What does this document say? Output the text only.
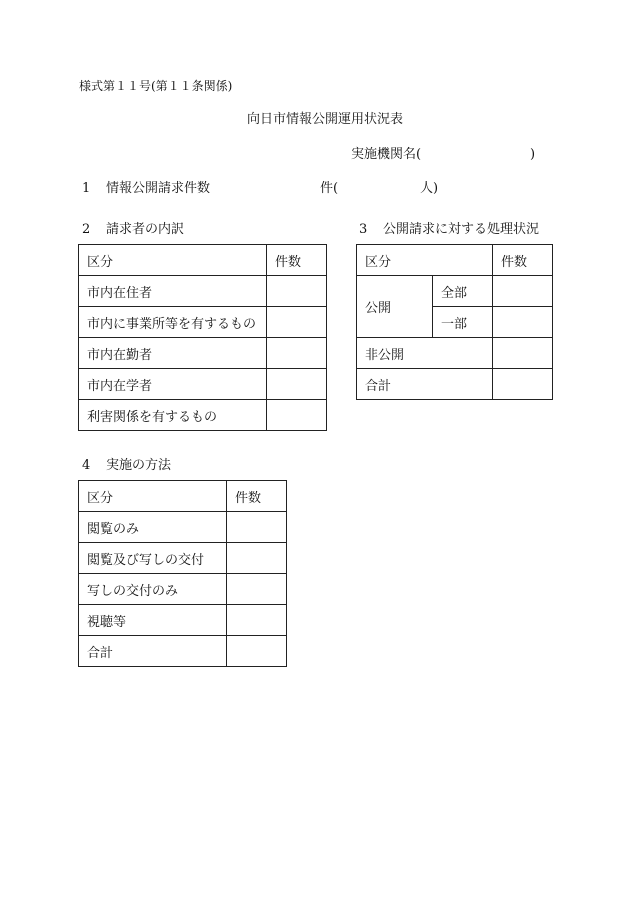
様式第１１号(第１１条関係)
向日市情報公開運用状況表
実施機関名(	)
1 情報公開請求件数	件(	人)
2 請求者の内訳
区分	件数
市内在住者	
市内に事業所等を有するもの	
市内在勤者	
市内在学者	
利害関係を有するもの	
3 公開請求に対する処理状況
区分		件数
公開	全部	
	一部	
非公開		
合計		
4 実施の方法
区分	件数
閲覧のみ	
閲覧及び写しの交付	
写しの交付のみ	
視聴等	
合計	
